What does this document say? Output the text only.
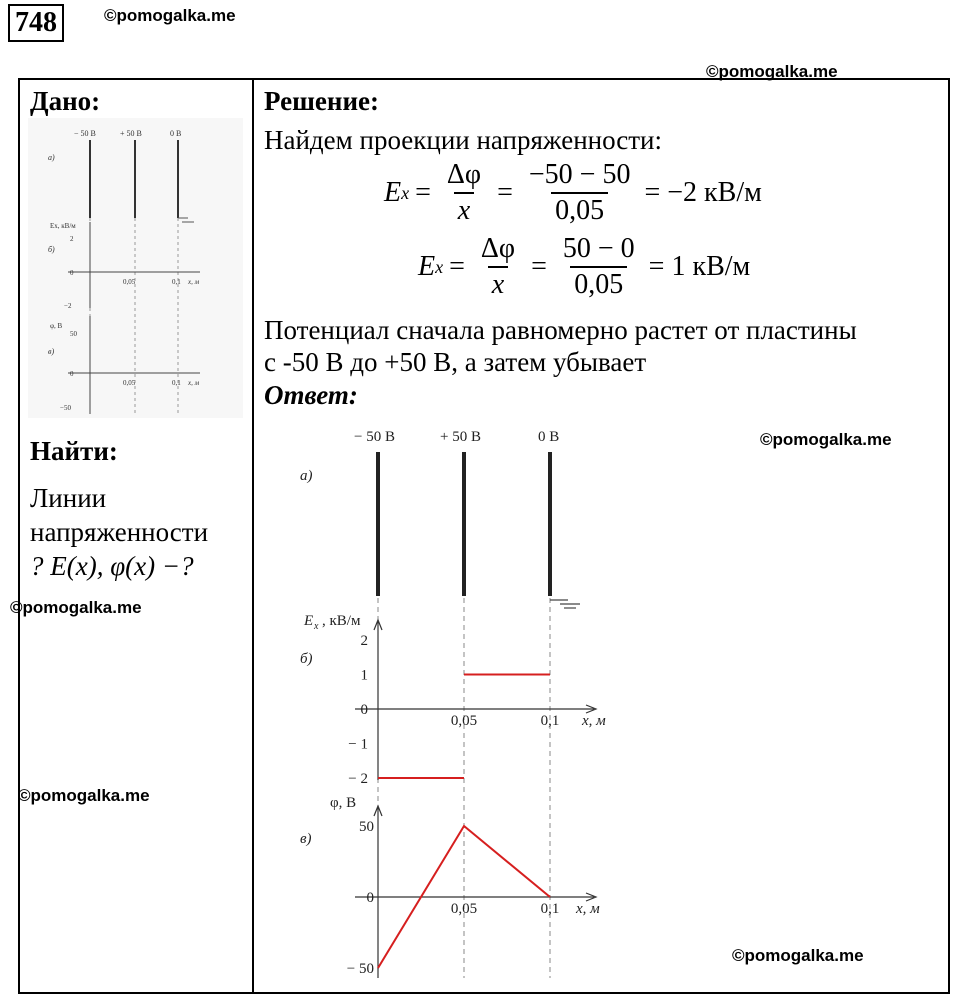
748	©pomogalka.me
©pomogalka.me
Дано:
− 50 В	+ 50 В	0 В
а)
б)
в)
2
0
−2
50
0
−50
0,05	0,1 x, м
0,05	0,1 x, м
Ex, кВ/м
φ, В
Найти:
Линии
напряженности
? E(x), φ(x) −?
Решение:
Найдем проекции напряженности:
E $x = \frac{\Delta\varphi}{x} = \frac{-50 - 50}{0,05} = -2$ кВ/м
E $x = \frac{\Delta\varphi}{x} = \frac{50 - 0}{0,05} = 1$ кВ/м
Потенциал сначала равномерно растет от пластины
с -50 В до +50 В, а затем убывает
Ответ:
©pomogalka.me
©pomogalka.me
©pomogalka.me
©pomogalka.me
− 50 В	+ 50 В	0 В
а)
б)
в)
E x , кВ/м
φ, В
2
1
0
− 1
− 2
0,05	0,1 x, м
50
0
− 50
0,05	0,1 x, м
